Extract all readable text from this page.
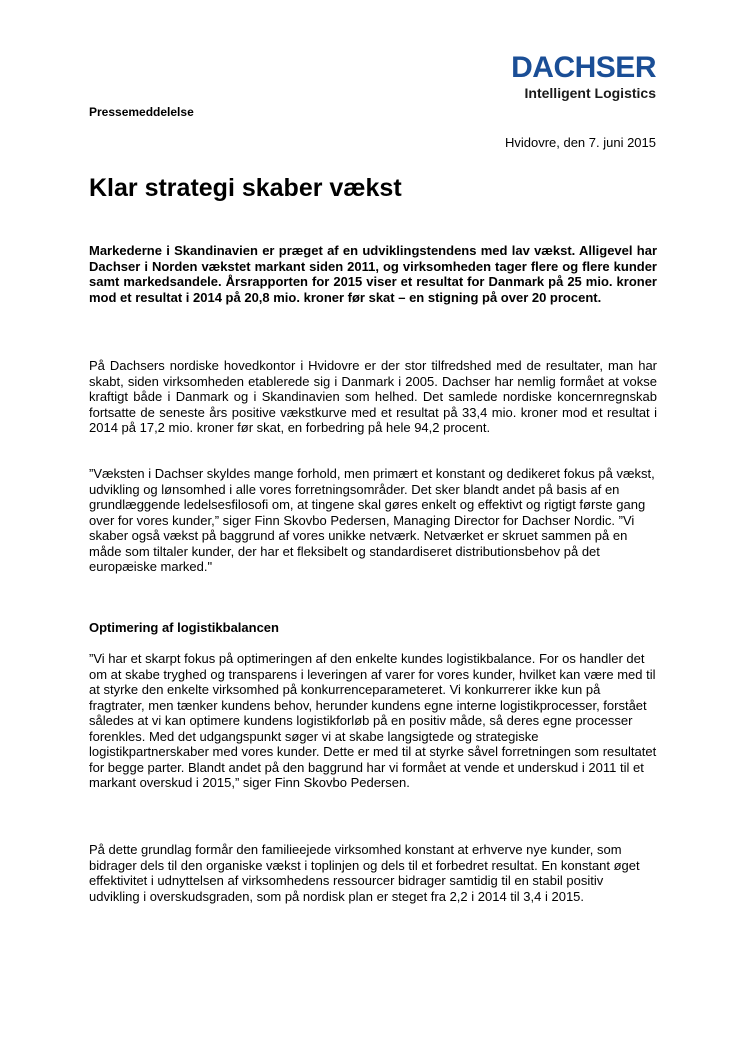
DACHSER
Intelligent Logistics
Pressemeddelelse
Hvidovre, den 7. juni 2015
Klar strategi skaber vækst

Markederne i Skandinavien er præget af en udviklingstendens med lav vækst. Alligevel har Dachser i Norden vækstet markant siden 2011, og virksomheden tager flere og flere kunder samt markedsandele. Årsrapporten for 2015 viser et resultat for Danmark på 25 mio. kroner mod et resultat i 2014 på 20,8 mio. kroner før skat – en stigning på over 20 procent.

På Dachsers nordiske hovedkontor i Hvidovre er der stor tilfredshed med de resultater, man har skabt, siden virksomheden etablerede sig i Danmark i 2005. Dachser har nemlig formået at vokse kraftigt både i Danmark og i Skandinavien som helhed. Det samlede nordiske koncernregnskab fortsatte de seneste års positive vækstkurve med et resultat på 33,4 mio. kroner mod et resultat i 2014 på 17,2 mio. kroner før skat, en forbedring på hele 94,2 procent.

”Væksten i Dachser skyldes mange forhold, men primært et konstant og dedikeret fokus på vækst, udvikling og lønsomhed i alle vores forretningsområder. Det sker blandt andet på basis af en grundlæggende ledelsesfilosofi om, at tingene skal gøres enkelt og effektivt og rigtigt første gang over for vores kunder,” siger Finn Skovbo Pedersen, Managing Director for Dachser Nordic. ”Vi skaber også vækst på baggrund af vores unikke netværk. Netværket er skruet sammen på en måde som tiltaler kunder, der har et fleksibelt og standardiseret distributionsbehov på det europæiske marked."

Optimering af logistikbalancen

”Vi har et skarpt fokus på optimeringen af den enkelte kundes logistikbalance. For os handler det om at skabe tryghed og transparens i leveringen af varer for vores kunder, hvilket kan være med til at styrke den enkelte virksomhed på konkurrenceparameteret. Vi konkurrerer ikke kun på fragtrater, men tænker kundens behov, herunder kundens egne interne logistikprocesser, forstået således at vi kan optimere kundens logistikforløb på en positiv måde, så deres egne processer forenkles. Med det udgangspunkt søger vi at skabe langsigtede og strategiske logistikpartnerskaber med vores kunder. Dette er med til at styrke såvel forretningen som resultatet for begge parter. Blandt andet på den baggrund har vi formået at vende et underskud i 2011 til et markant overskud i 2015,” siger Finn Skovbo Pedersen.

På dette grundlag formår den familieejede virksomhed konstant at erhverve nye kunder, som bidrager dels til den organiske vækst i toplinjen og dels til et forbedret resultat. En konstant øget effektivitet i udnyttelsen af virksomhedens ressourcer bidrager samtidig til en stabil positiv udvikling i overskudsgraden, som på nordisk plan er steget fra 2,2 i 2014 til 3,4 i 2015.
